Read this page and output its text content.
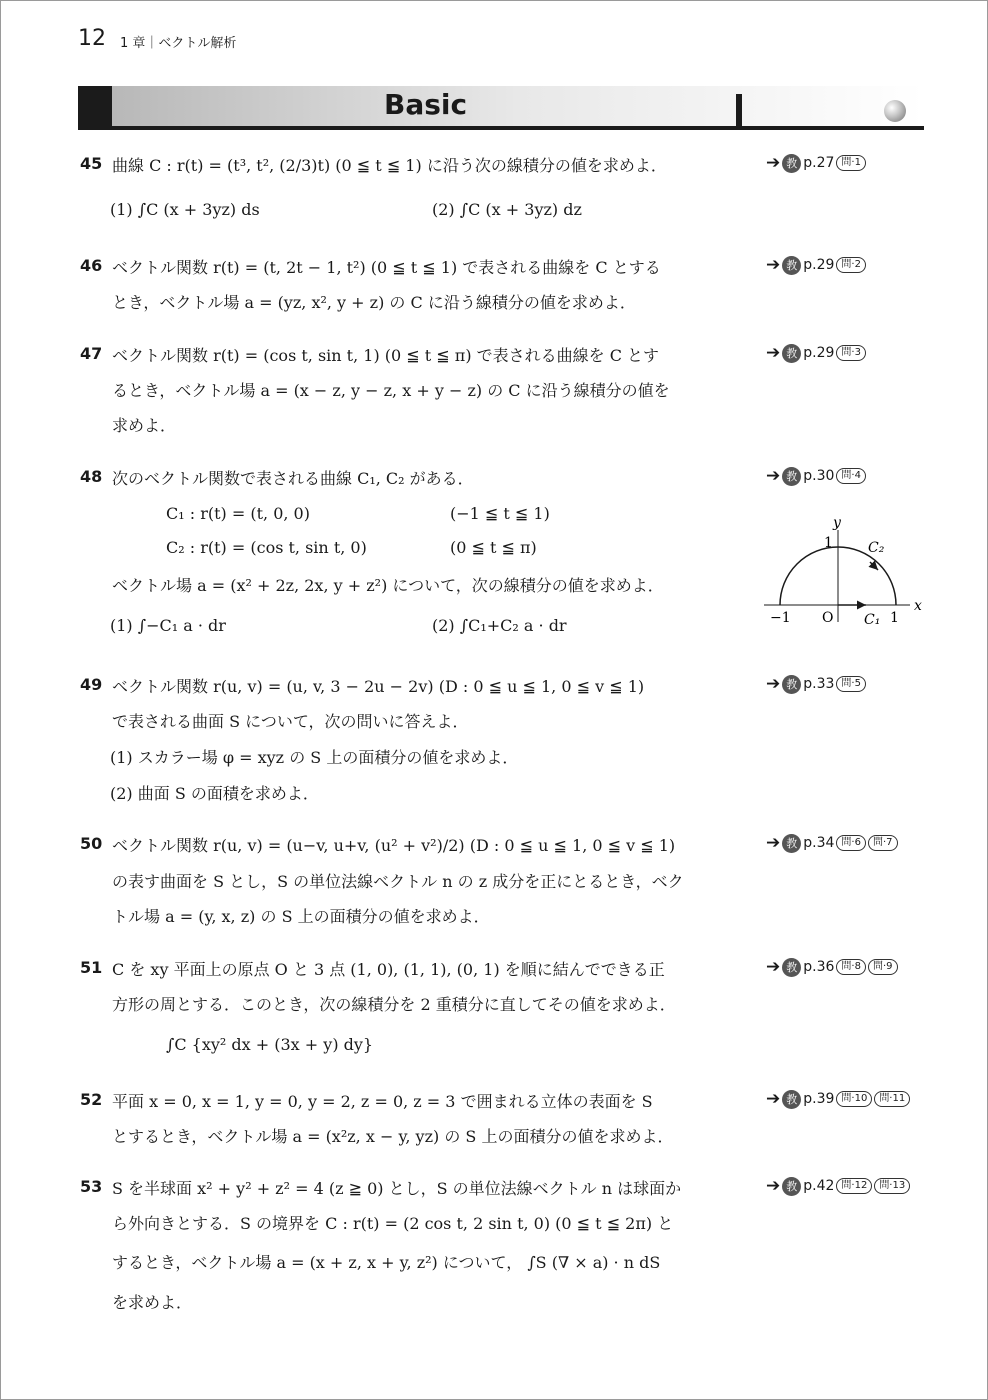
12 1 章｜ベクトル解析
Basic
45 曲線 C : r(t) = (t³, t², (2/3)t) (0 ≦ t ≦ 1) に沿う次の線積分の値を求めよ．
(1) ∫C (x + 3yz) ds	(2) ∫C (x + 3yz) dz
➔ 教 p.27 問·1
46 ベクトル関数 r(t) = (t, 2t − 1, t²) (0 ≦ t ≦ 1) で表される曲線を C とする
とき，ベクトル場 a = (yz, x², y + z) の C に沿う線積分の値を求めよ．
➔ 教 p.29 問·2
47 ベクトル関数 r(t) = (cos t, sin t, 1) (0 ≦ t ≦ π) で表される曲線を C とす
るとき，ベクトル場 a = (x − z, y − z, x + y − z) の C に沿う線積分の値を
求めよ．
➔ 教 p.29 問·3
48 次のベクトル関数で表される曲線 C₁, C₂ がある．
C₁ : r(t) = (t, 0, 0)	(−1 ≦ t ≦ 1)
C₂ : r(t) = (cos t, sin t, 0)	(0 ≦ t ≦ π)
ベクトル場 a = (x² + 2z, 2x, y + z²) について，次の線積分の値を求めよ．
(1) ∫−C₁ a · dr	(2) ∫C₁+C₂ a · dr
➔ 教 p.30 問·4
y
x
1	C₂
−1 O C₁ 1
49 ベクトル関数 r(u, v) = (u, v, 3 − 2u − 2v) (D : 0 ≦ u ≦ 1, 0 ≦ v ≦ 1)
で表される曲面 S について，次の問いに答えよ．
(1) スカラー場 φ = xyz の S 上の面積分の値を求めよ．
(2) 曲面 S の面積を求めよ．
➔ 教 p.33 問·5
50 ベクトル関数 r(u, v) = (u−v, u+v, (u² + v²)/2) (D : 0 ≦ u ≦ 1, 0 ≦ v ≦ 1)
の表す曲面を S とし，S の単位法線ベクトル n の z 成分を正にとるとき，ベク
トル場 a = (y, x, z) の S 上の面積分の値を求めよ．
➔ 教 p.34 問·6	問·7
51 C を xy 平面上の原点 O と 3 点 (1, 0), (1, 1), (0, 1) を順に結んでできる正
方形の周とする．このとき，次の線積分を 2 重積分に直してその値を求めよ．
∫C {xy² dx + (3x + y) dy}
➔ 教 p.36 問·8	問·9
52 平面 x = 0, x = 1, y = 0, y = 2, z = 0, z = 3 で囲まれる立体の表面を S
とするとき，ベクトル場 a = (x²z, x − y, yz) の S 上の面積分の値を求めよ．
➔ 教 p.39 問·10	問·11
53 S を半球面 x² + y² + z² = 4 (z ≧ 0) とし，S の単位法線ベクトル n は球面か
ら外向きとする．S の境界を C : r(t) = (2 cos t, 2 sin t, 0) (0 ≦ t ≦ 2π) と
するとき，ベクトル場 a = (x + z, x + y, z²) について， ∫S (∇ × a) · n dS
を求めよ．
➔ 教 p.42 問·12	問·13
